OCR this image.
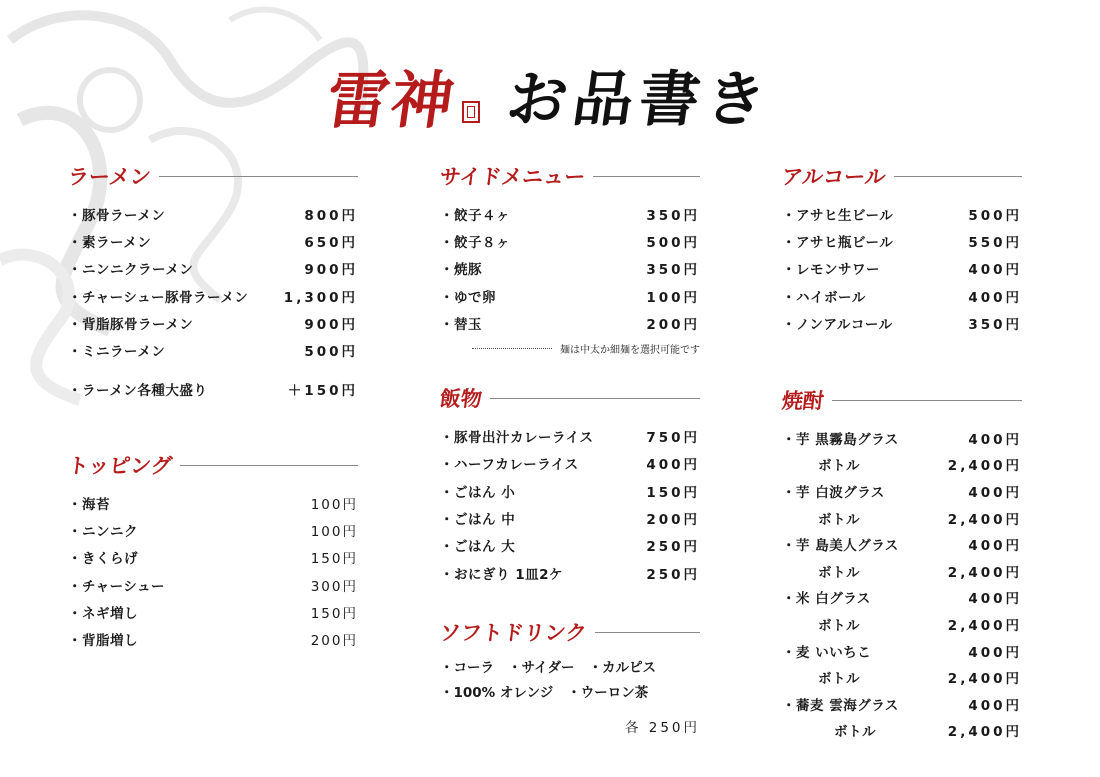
雷神 お品書き
ラーメン
・豚骨ラーメン	800円
・素ラーメン	650円
・ニンニクラーメン	900円
・チャーシュー豚骨ラーメン	1,300円
・背脂豚骨ラーメン	900円
・ミニラーメン	500円
・ラーメン各種大盛り	＋150円
トッピング
・海苔	100円
・ニンニク	100円
・きくらげ	150円
・チャーシュー	300円
・ネギ増し	150円
・背脂増し	200円
サイドメニュー
・餃子４ヶ	350円
・餃子８ヶ	500円
・焼豚	350円
・ゆで卵	100円
・替玉	200円
麺は中太か細麺を選択可能です
飯物
・豚骨出汁カレーライス	750円
・ハーフカレーライス	400円
・ごはん 小	150円
・ごはん 中	200円
・ごはん 大	250円
・おにぎり 1皿2ケ	250円
ソフトドリンク
・コーラ ・サイダー ・カルピス
・100% オレンジ ・ウーロン茶
各 250円
アルコール
・アサヒ生ビール	500円
・アサヒ瓶ビール	550円
・レモンサワー	400円
・ハイボール	400円
・ノンアルコール	350円
焼酎
・芋 黒霧島グラス	400円
ボトル	2,400円
・芋 白波グラス	400円
ボトル	2,400円
・芋 島美人グラス	400円
ボトル	2,400円
・米 白グラス	400円
ボトル	2,400円
・麦 いいちこ	400円
ボトル	2,400円
・蕎麦 雲海グラス	400円
ボトル	2,400円
